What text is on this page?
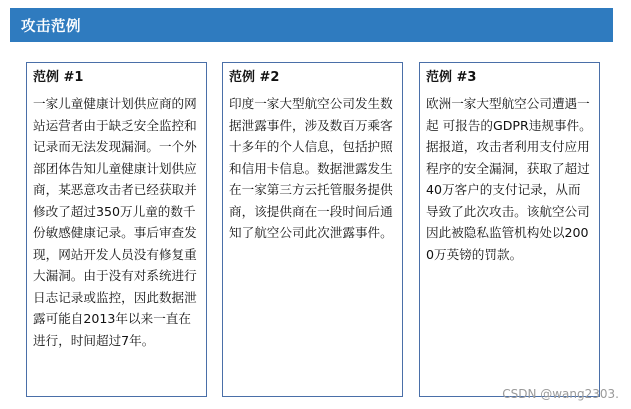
攻击范例
范例 #1

一家儿童健康计划供应商的网站运营者由于缺乏安全监控和记录而无法发现漏洞。一个外部团体告知儿童健康计划供应商，某恶意攻击者已经获取并修改了超过350万儿童的数千份敏感健康记录。事后审查发现，网站开发人员没有修复重大漏洞。由于没有对系统进行日志记录或监控，因此数据泄露可能自2013年以来一直在进行，时间超过7年。

范例 #2

印度一家大型航空公司发生数据泄露事件，涉及数百万乘客十多年的个人信息，包括护照和信用卡信息。数据泄露发生在一家第三方云托管服务提供商，该提供商在一段时间后通知了航空公司此次泄露事件。

范例 #3

欧洲一家大型航空公司遭遇一起 可报告的GDPR违规事件。据报道，攻击者利用支付应用程序的安全漏洞，获取了超过40万客户的支付记录，从而导致了此次攻击。该航空公司因此被隐私监管机构处以2000万英镑的罚款。

CSDN @wang2303.
